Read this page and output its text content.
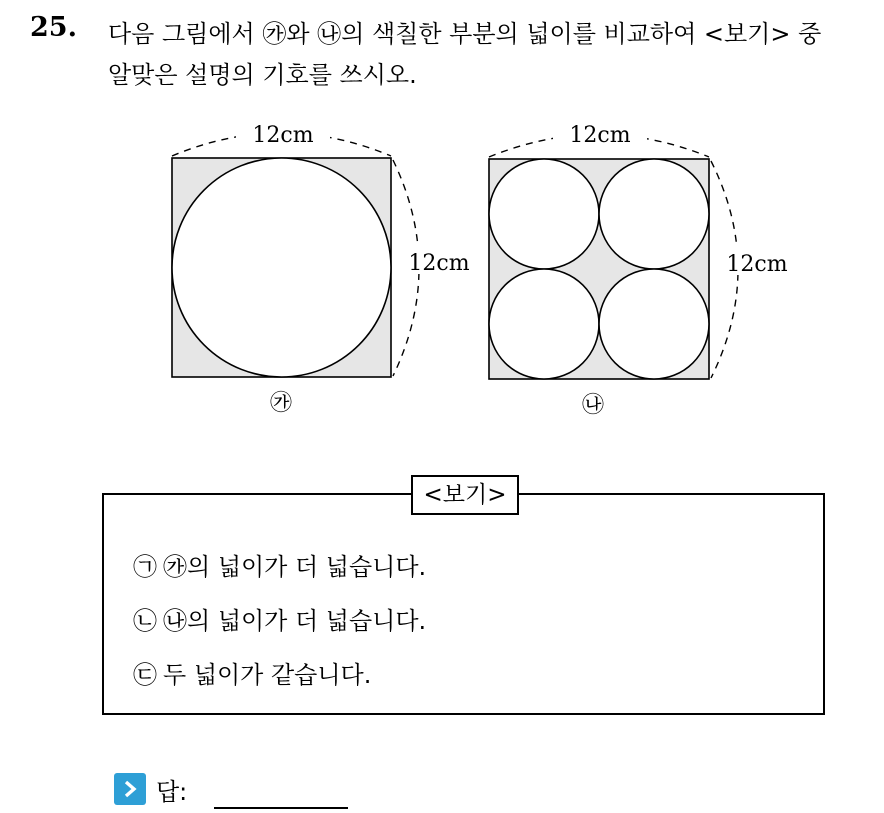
25. 다음 그림에서 ㉮와 ㉯의 색칠한 부분의 넓이를 비교하여 <보기> 중
알맞은 설명의 기호를 쓰시오.
12cm
12cm
㉮
12cm
12cm
㉯
<보기>
㉠ ㉮의 넓이가 더 넓습니다.
㉡ ㉯의 넓이가 더 넓습니다.
㉢ 두 넓이가 같습니다.
답:
